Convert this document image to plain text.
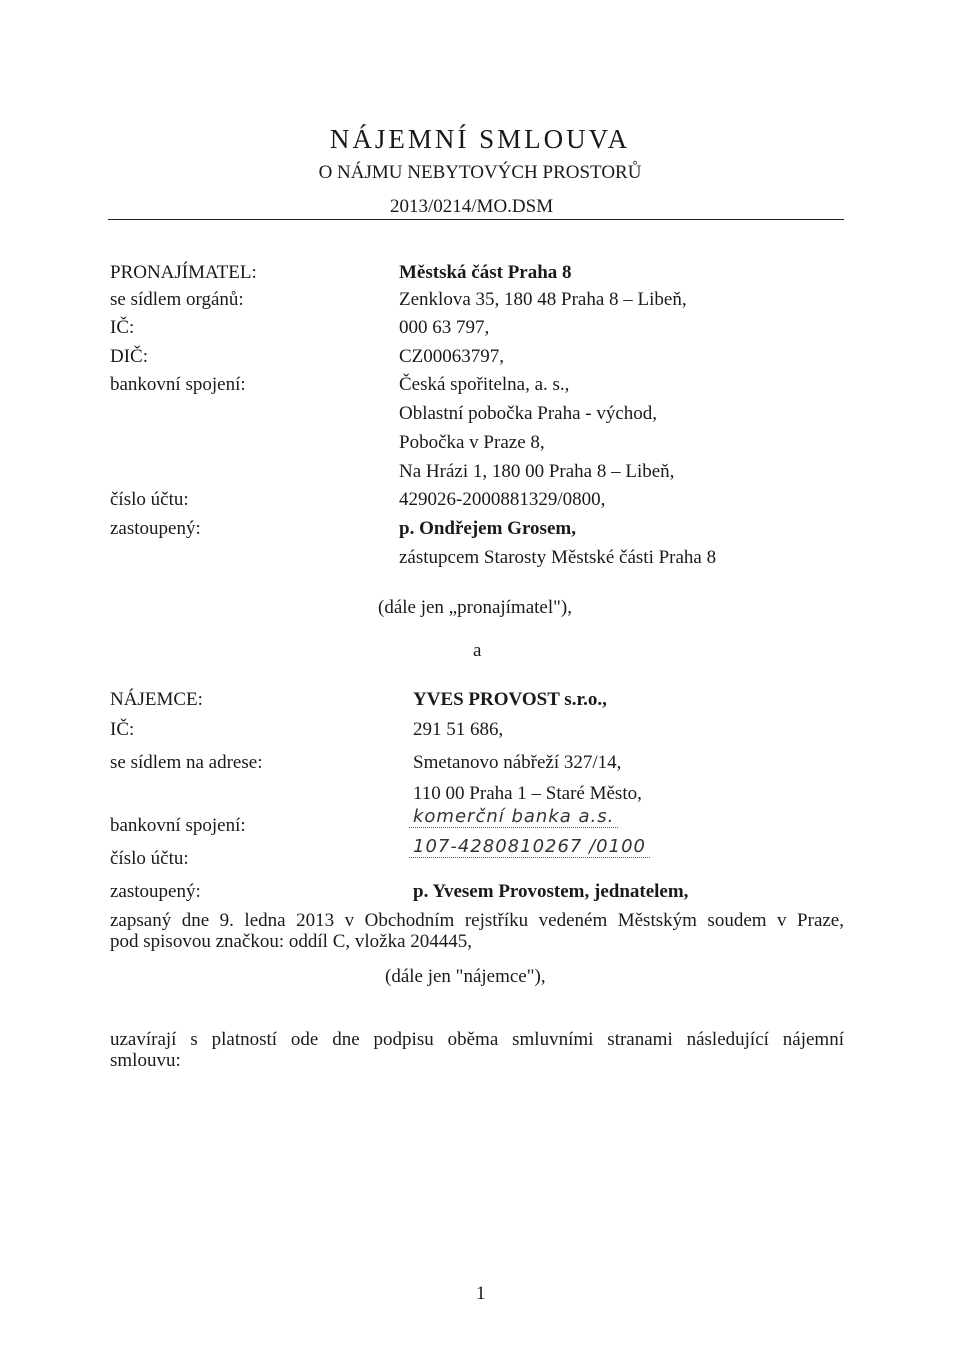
NÁJEMNÍ SMLOUVA
O NÁJMU NEBYTOVÝCH PROSTORŮ
2013/0214/MO.DSM
PRONAJÍMATEL:	Městská část Praha 8
se sídlem orgánů:	Zenklova 35, 180 48 Praha 8 – Libeň,
IČ:	000 63 797,
DIČ:	CZ00063797,
bankovní spojení:	Česká spořitelna, a. s.,
Oblastní pobočka Praha - východ,
Pobočka v Praze 8,
Na Hrázi 1, 180 00 Praha 8 – Libeň,
číslo účtu:	429026-2000881329/0800,
zastoupený:	p. Ondřejem Grosem,
zástupcem Starosty Městské části Praha 8
(dále jen „pronajímatel"),
a
NÁJEMCE:	YVES PROVOST s.r.o.,
IČ:	291 51 686,
se sídlem na adrese:	Smetanovo nábřeží 327/14,
110 00 Praha 1 – Staré Město,
bankovní spojení:	komerční banka a.s.
číslo účtu:
107-4280810267 /0100
zastoupený:	p. Yvesem Provostem, jednatelem,
zapsaný dne 9. ledna 2013 v Obchodním rejstříku vedeném Městským soudem v Praze,
pod spisovou značkou: oddíl C, vložka 204445,
(dále jen "nájemce"),
uzavírají s platností ode dne podpisu oběma smluvními stranami následující nájemní
smlouvu:
1
